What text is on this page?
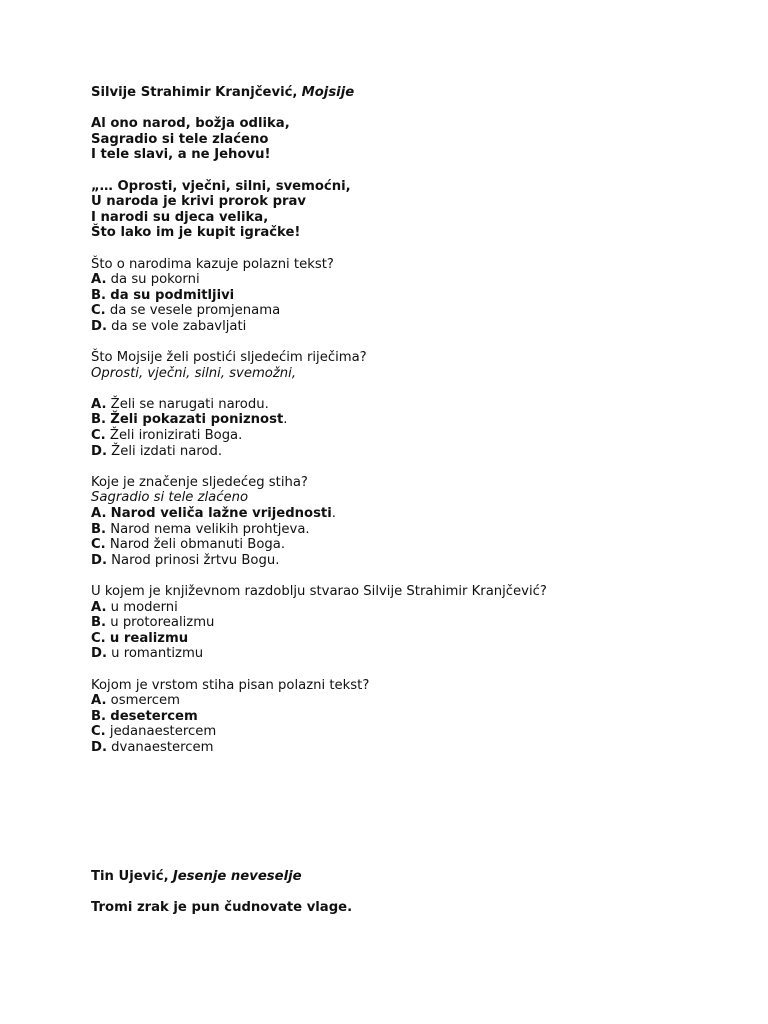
Silvije Strahimir Kranjčević, Mojsije
Al ono narod, božja odlika,
Sagradio si tele zlaćeno
I tele slavi, a ne Jehovu!
„… Oprosti, vječni, silni, svemoćni,
U naroda je krivi prorok prav
I narodi su djeca velika,
Što lako im je kupit igračke!
Što o narodima kazuje polazni tekst?
A. da su pokorni
B. da su podmitljivi
C. da se vesele promjenama
D. da se vole zabavljati
Što Mojsije želi postići sljedećim riječima?
Oprosti, vječni, silni, svemožni,

A. Želi se narugati narodu.
B. Želi pokazati poniznost.
C. Želi ironizirati Boga.
D. Želi izdati narod.
Koje je značenje sljedećeg stiha?
Sagradio si tele zlaćeno
A. Narod veliča lažne vrijednosti.
B. Narod nema velikih prohtjeva.
C. Narod želi obmanuti Boga.
D. Narod prinosi žrtvu Bogu.
U kojem je književnom razdoblju stvarao Silvije Strahimir Kranjčević?
A. u moderni
B. u protorealizmu
C. u realizmu
D. u romantizmu
Kojom je vrstom stiha pisan polazni tekst?
A. osmercem
B. desetercem
C. jedanaestercem
D. dvanaestercem
Tin Ujević, Jesenje neveselje
Tromi zrak je pun čudnovate vlage.
